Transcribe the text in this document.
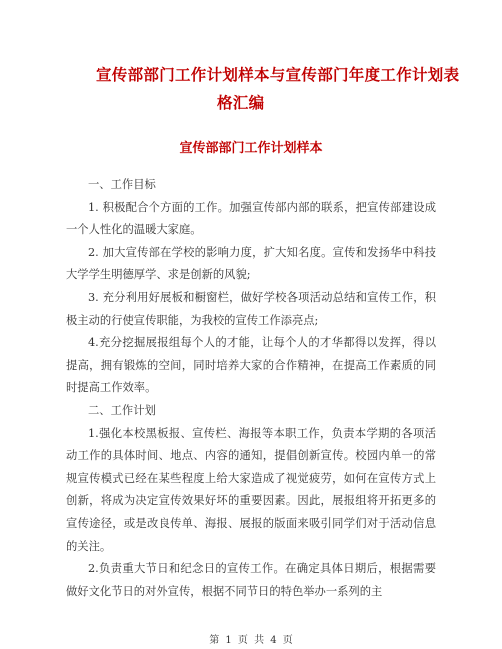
宣传部部门工作计划样本与宣传部门年度工作计划表
格汇编
宣传部部门工作计划样本

一、工作目标

1. 积极配合个方面的工作。加强宣传部内部的联系，把宣传部建设成一个人性化的温暖大家庭。

2. 加大宣传部在学校的影响力度，扩大知名度。宣传和发扬华中科技大学学生明德厚学、求是创新的风貌;

3. 充分利用好展板和橱窗栏，做好学校各项活动总结和宣传工作，积极主动的行使宣传职能，为我校的宣传工作添亮点;

4.充分挖掘展报组每个人的才能，让每个人的才华都得以发挥，得以提高，拥有锻炼的空间，同时培养大家的合作精神，在提高工作素质的同时提高工作效率。

二、工作计划

1.强化本校黑板报、宣传栏、海报等本职工作，负责本学期的各项活动工作的具体时间、地点、内容的通知，提倡创新宣传。校园内单一的常规宣传模式已经在某些程度上给大家造成了视觉疲劳，如何在宣传方式上创新，将成为决定宣传效果好坏的重要因素。因此，展报组将开拓更多的宣传途径，或是改良传单、海报、展报的版面来吸引同学们对于活动信息的关注。

2.负责重大节日和纪念日的宣传工作。在确定具体日期后，根据需要做好文化节日的对外宣传，根据不同节日的特色举办一系列的主

第 1 页 共 4 页
